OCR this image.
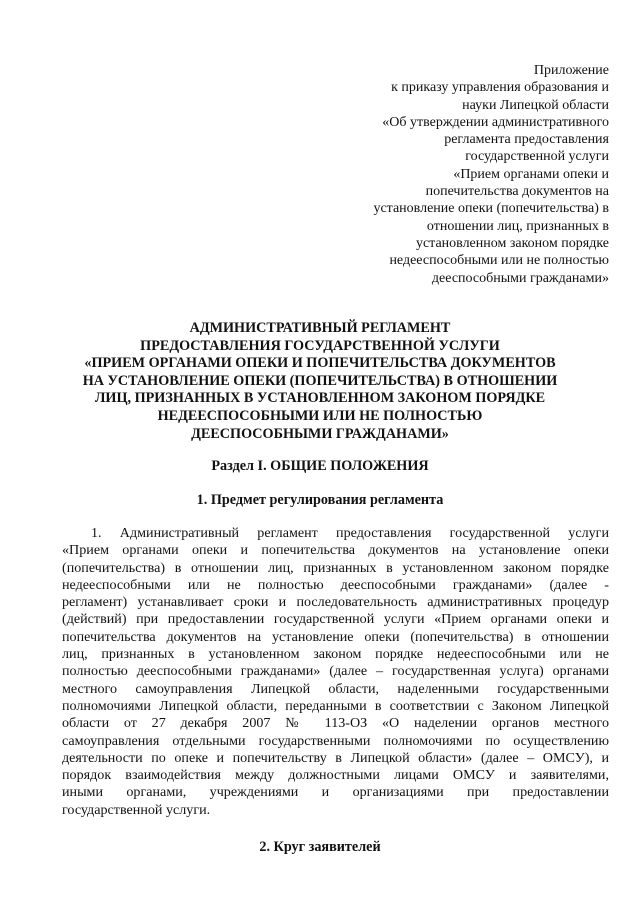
Приложение
к приказу управления образования и
науки Липецкой области
«Об утверждении административного
регламента предоставления
государственной услуги
«Прием органами опеки и
попечительства документов на
установление опеки (попечительства) в
отношении лиц, признанных в
установленном законом порядке
недееспособными или не полностью
дееспособными гражданами»
АДМИНИСТРАТИВНЫЙ РЕГЛАМЕНТ
ПРЕДОСТАВЛЕНИЯ ГОСУДАРСТВЕННОЙ УСЛУГИ
«ПРИЕМ ОРГАНАМИ ОПЕКИ И ПОПЕЧИТЕЛЬСТВА ДОКУМЕНТОВ
НА УСТАНОВЛЕНИЕ ОПЕКИ (ПОПЕЧИТЕЛЬСТВА) В ОТНОШЕНИИ
ЛИЦ, ПРИЗНАННЫХ В УСТАНОВЛЕННОМ ЗАКОНОМ ПОРЯДКЕ
НЕДЕЕСПОСОБНЫМИ ИЛИ НЕ ПОЛНОСТЬЮ
ДЕЕСПОСОБНЫМИ ГРАЖДАНАМИ»
Раздел I. ОБЩИЕ ПОЛОЖЕНИЯ
1. Предмет регулирования регламента
1. Административный регламент предоставления государственной услуги
«Прием органами опеки и попечительства документов на установление опеки
(попечительства) в отношении лиц, признанных в установленном законом порядке
недееспособными или не полностью дееспособными гражданами» (далее -
регламент) устанавливает сроки и последовательность административных процедур
(действий) при предоставлении государственной услуги «Прием органами опеки и
попечительства документов на установление опеки (попечительства) в отношении
лиц, признанных в установленном законом порядке недееспособными или не
полностью дееспособными гражданами» (далее – государственная услуга) органами
местного самоуправления Липецкой области, наделенными государственными
полномочиями Липецкой области, переданными в соответствии с Законом Липецкой
области от 27 декабря 2007 № 113-ОЗ «О наделении органов местного
самоуправления отдельными государственными полномочиями по осуществлению
деятельности по опеке и попечительству в Липецкой области» (далее – ОМСУ), и
порядок взаимодействия между должностными лицами ОМСУ и заявителями,
иными органами, учреждениями и организациями при предоставлении
государственной услуги.
2. Круг заявителей
